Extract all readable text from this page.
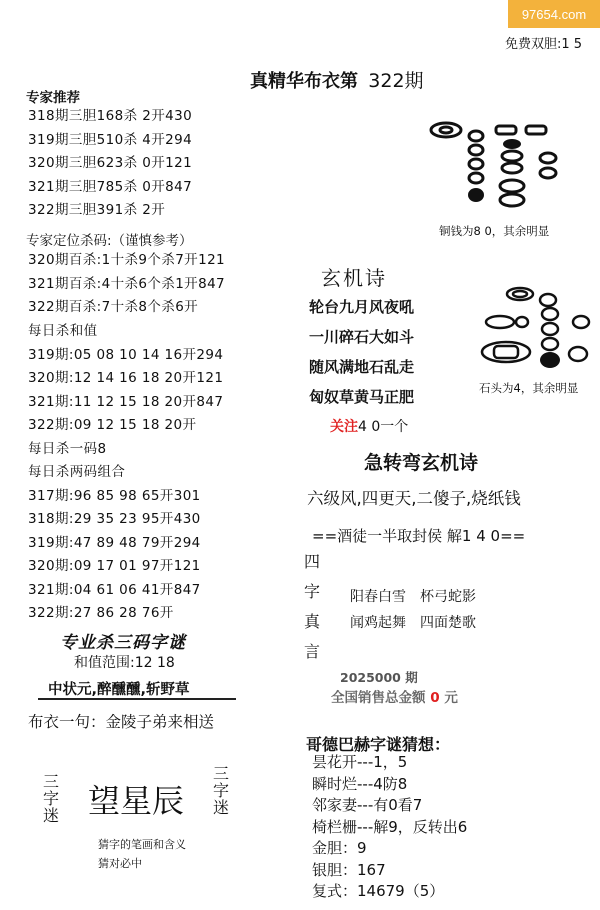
97654.com
免费双胆:1 5
真精华布衣第 322期
专家推荐
318期三胆168杀 2开430
319期三胆510杀 4开294
320期三胆623杀 0开121
321期三胆785杀 0开847
322期三胆391杀 2开
专家定位杀码:（谨慎参考）
320期百杀:1十杀9个杀7开121
321期百杀:4十杀6个杀1开847
322期百杀:7十杀8个杀6开
每日杀和值
319期:05 08 10 14 16开294
320期:12 14 16 18 20开121
321期:11 12 15 18 20开847
322期:09 12 15 18 20开
每日杀一码8
每日杀两码组合
317期:96 85 98 65开301
318期:29 35 23 95开430
319期:47 89 48 79开294
320期:09 17 01 97开121
321期:04 61 06 41开847
322期:27 86 28 76开
专业杀三码字谜
和值范围:12 18
中状元,醉醺醺,斩野草
布衣一句：金陵子弟来相送
三
字
迷 望星辰
三
字
迷
猜字的笔画和含义
猜对必中
铜钱为8 0，其余明显
玄机诗
轮台九月风夜吼
一川碎石大如斗
随风满地石乱走
匈奴草黄马正肥
关注4 0一个
石头为4，其余明显
急转弯玄机诗
六级风,四更天,二傻子,烧纸钱
==酒徒一半取封侯 解1 4 0==
四
字
真
言
阳春白雪　杯弓蛇影
闻鸡起舞　四面楚歌
2025000 期
全国销售总金额 0 元
哥德巴赫字谜猜想：
昙花开---1，5
瞬时烂---4防8
邻家妻---有0看7
椅栏栅---解9，反转出6
金胆：9
银胆：167
复式：14679（5）
